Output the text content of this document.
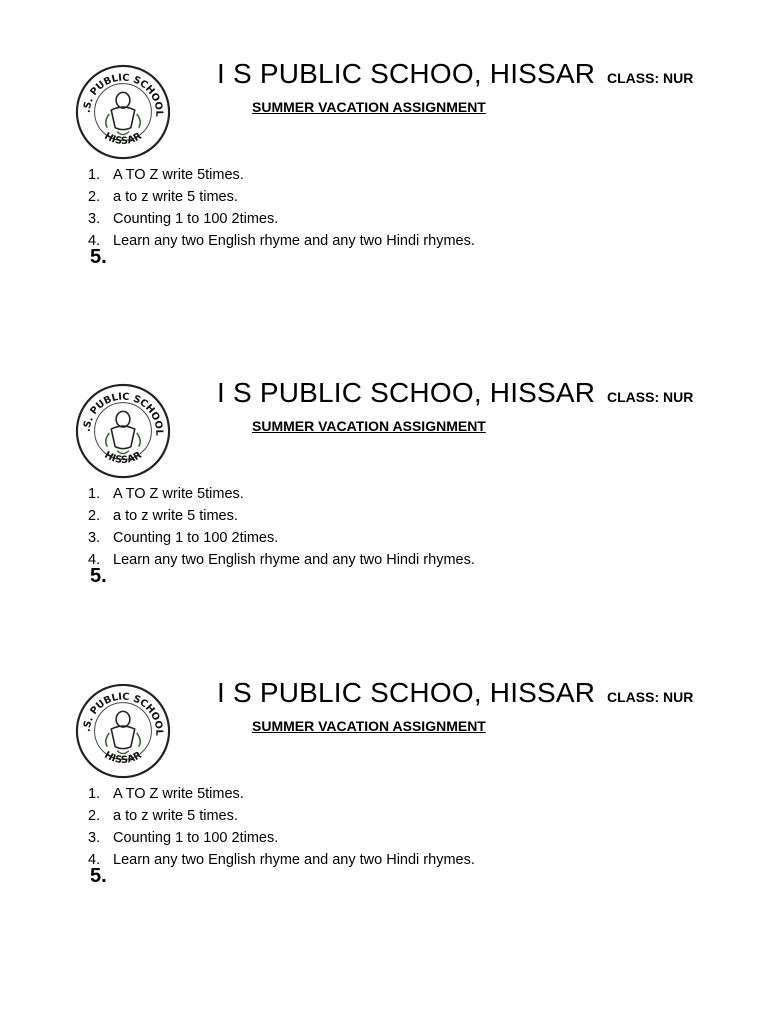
.S. PUBLIC SCHOOL
HISSAR
I S PUBLIC SCHOO, HISSAR CLASS: NUR
SUMMER VACATION ASSIGNMENT
1. A TO Z write 5times.
2. a to z write 5 times.
3. Counting 1 to 100 2times.
4. Learn any two English rhyme and any two Hindi rhymes.
5.
.S. PUBLIC SCHOOL
HISSAR
I S PUBLIC SCHOO, HISSAR CLASS: NUR
SUMMER VACATION ASSIGNMENT
1. A TO Z write 5times.
2. a to z write 5 times.
3. Counting 1 to 100 2times.
4. Learn any two English rhyme and any two Hindi rhymes.
5.
.S. PUBLIC SCHOOL
HISSAR
I S PUBLIC SCHOO, HISSAR CLASS: NUR
SUMMER VACATION ASSIGNMENT
1. A TO Z write 5times.
2. a to z write 5 times.
3. Counting 1 to 100 2times.
4. Learn any two English rhyme and any two Hindi rhymes.
5.
